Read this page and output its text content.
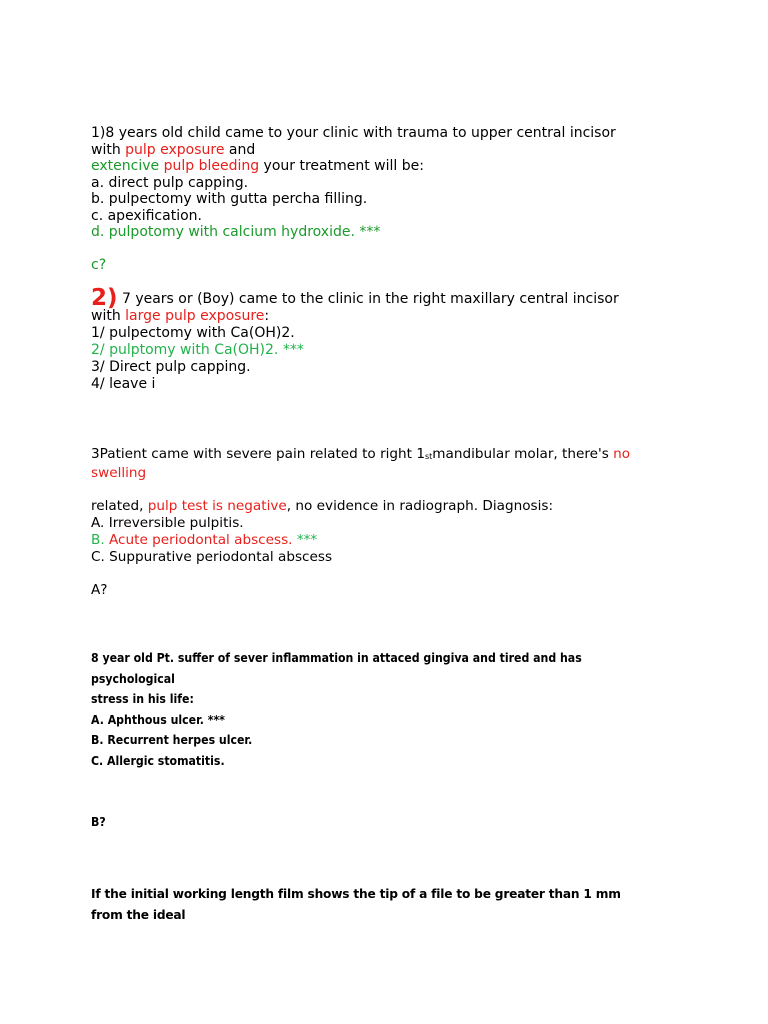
1)8 years old child came to your clinic with trauma to upper central incisor
with pulp exposure and
extencive pulp bleeding your treatment will be:
a. direct pulp capping.
b. pulpectomy with gutta percha filling.
c. apexification.
d. pulpotomy with calcium hydroxide. ***
c?
2) 7 years or (Boy) came to the clinic in the right maxillary central incisor
with large pulp exposure:
1/ pulpectomy with Ca(OH)2.
2/ pulptomy with Ca(OH)2. ***
3/ Direct pulp capping.
4/ leave i
3Patient came with severe pain related to right 1stmandibular molar, there's no
swelling
related, pulp test is negative, no evidence in radiograph. Diagnosis:
A. Irreversible pulpitis.
B. Acute periodontal abscess. ***
C. Suppurative periodontal abscess
A?
8 year old Pt. suffer of sever inflammation in attaced gingiva and tired and has
psychological
stress in his life:
A. Aphthous ulcer. ***
B. Recurrent herpes ulcer.
C. Allergic stomatitis.
B?
If the initial working length film shows the tip of a file to be greater than 1 mm
from the ideal
